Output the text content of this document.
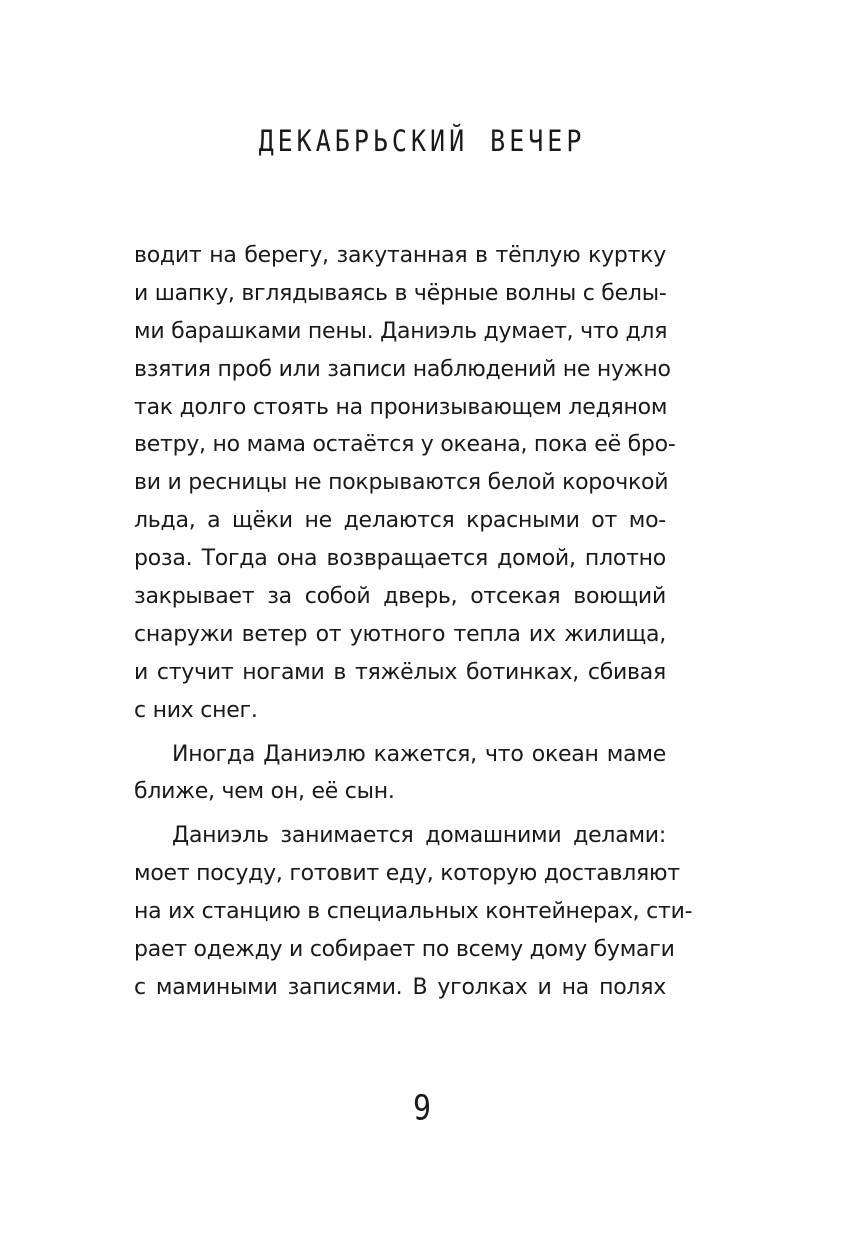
ДЕКАБРЬСКИЙ ВЕЧЕР
водит на берегу, закутанная в тёплую куртку
и шапку, вглядываясь в чёрные волны с белы-
ми барашками пены. Даниэль думает, что для
взятия проб или записи наблюдений не нужно
так долго стоять на пронизывающем ледяном
ветру, но мама остаётся у океана, пока её бро-
ви и ресницы не покрываются белой корочкой
льда, а щёки не делаются красными от мо-
роза. Тогда она возвращается домой, плотно
закрывает за собой дверь, отсекая воющий
снаружи ветер от уютного тепла их жилища,
и стучит ногами в тяжёлых ботинках, сбивая
с них снег.
Иногда Даниэлю кажется, что океан маме
ближе, чем он, её сын.
Даниэль занимается домашними делами:
моет посуду, готовит еду, которую доставляют
на их станцию в специальных контейнерах, сти-
рает одежду и собирает по всему дому бумаги
с мамиными записями. В уголках и на полях
9
